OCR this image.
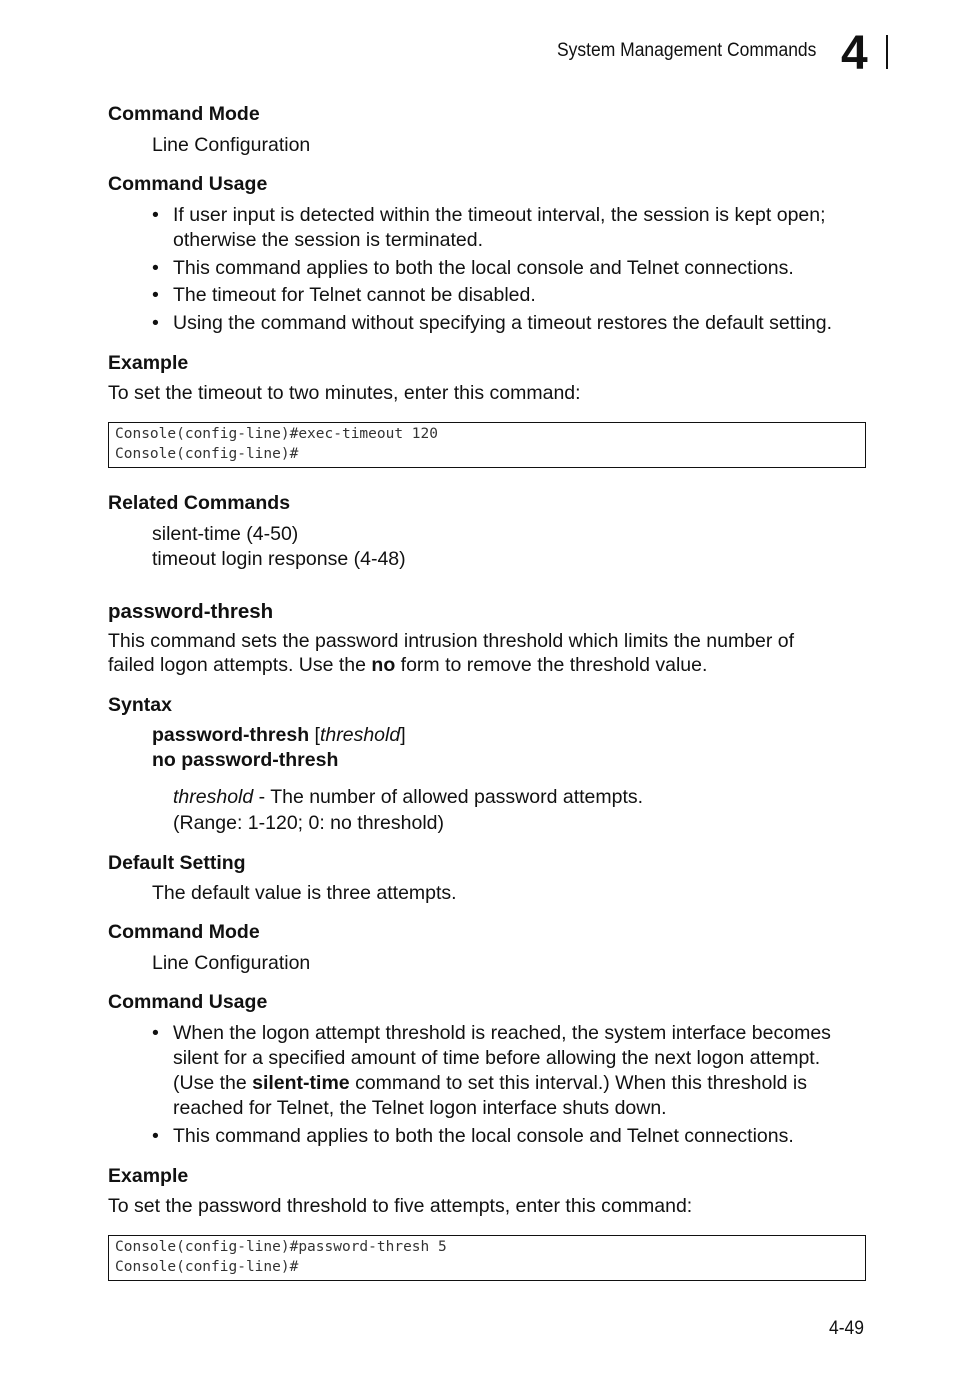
System Management Commands 4
Command Mode
Line Configuration
Command Usage
• If user input is detected within the timeout interval, the session is kept open;
otherwise the session is terminated.
• This command applies to both the local console and Telnet connections.
• The timeout for Telnet cannot be disabled.
• Using the command without specifying a timeout restores the default setting.
Example
To set the timeout to two minutes, enter this command:
Console(config-line)#exec-timeout 120
Console(config-line)#
Related Commands
silent-time (4-50)
timeout login response (4-48)
password-thresh
This command sets the password intrusion threshold which limits the number of
failed logon attempts. Use the no form to remove the threshold value.
Syntax
password-thresh [threshold]
no password-thresh
threshold - The number of allowed password attempts.
(Range: 1-120; 0: no threshold)
Default Setting
The default value is three attempts.
Command Mode
Line Configuration
Command Usage
• When the logon attempt threshold is reached, the system interface becomes
silent for a specified amount of time before allowing the next logon attempt.
(Use the silent-time command to set this interval.) When this threshold is
reached for Telnet, the Telnet logon interface shuts down.
• This command applies to both the local console and Telnet connections.
Example
To set the password threshold to five attempts, enter this command:
Console(config-line)#password-thresh 5
Console(config-line)#
4-49
